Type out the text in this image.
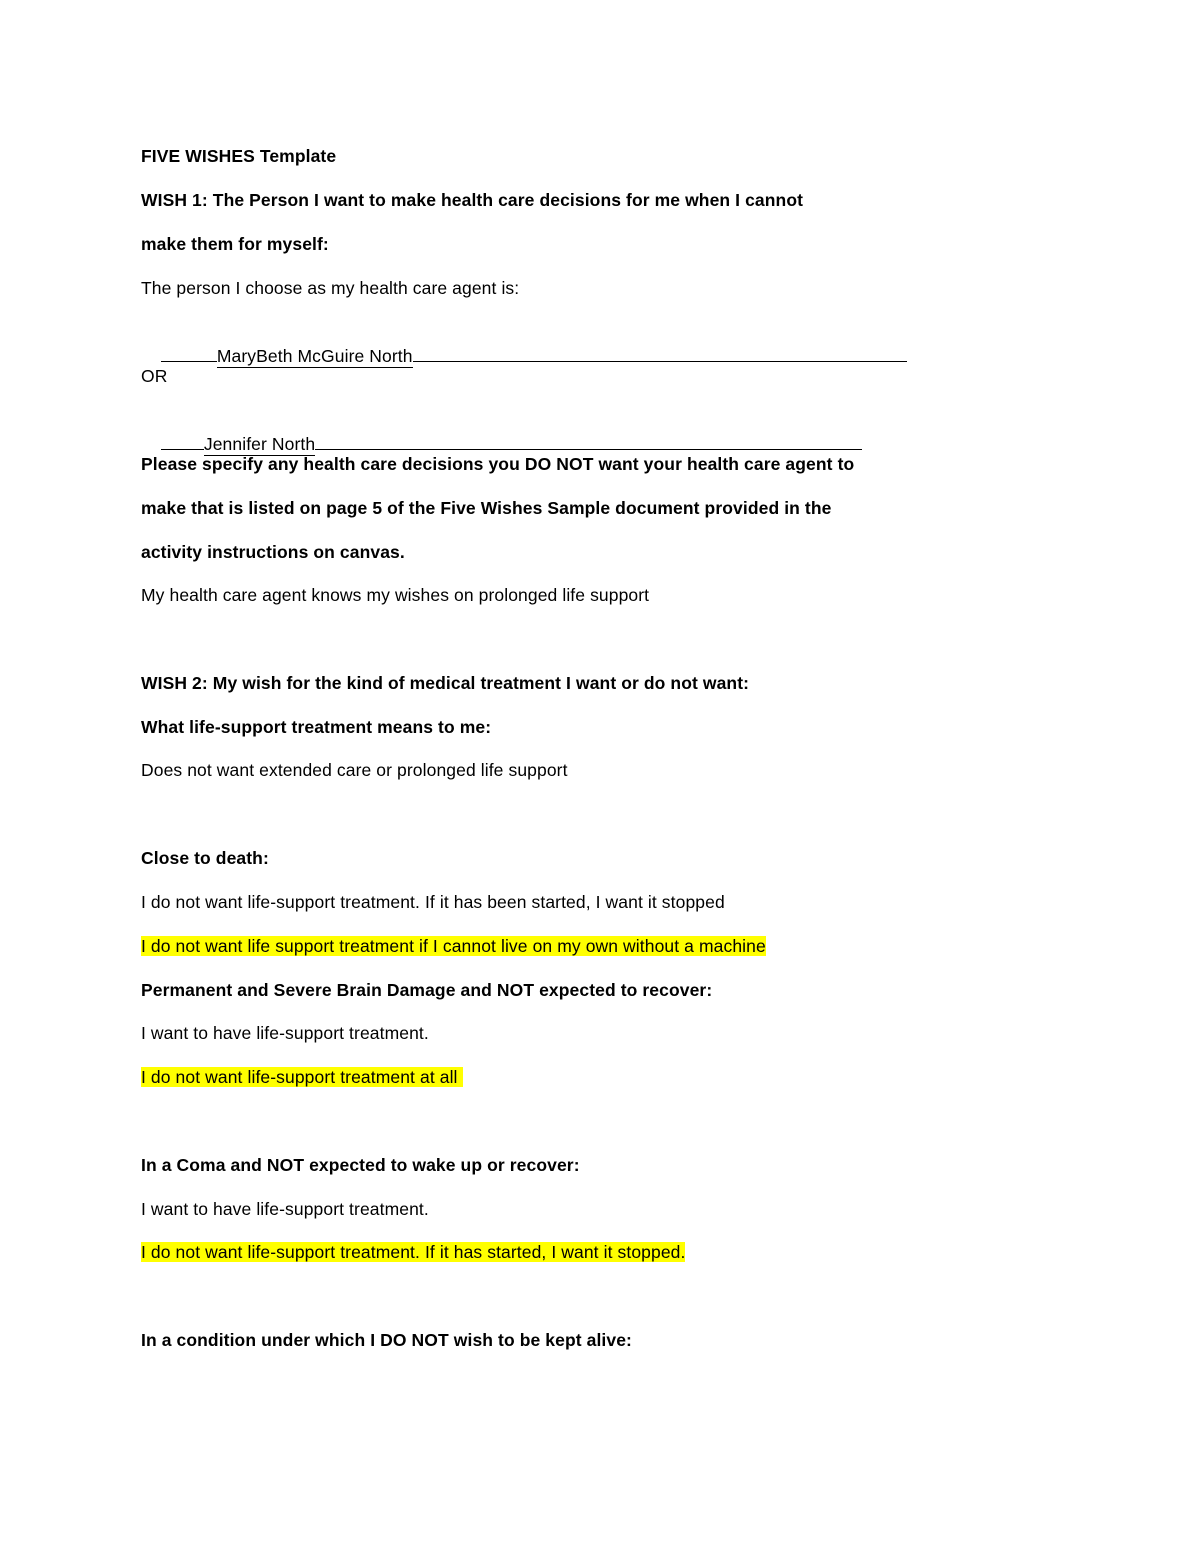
FIVE WISHES Template
WISH 1: The Person I want to make health care decisions for me when I cannot
make them for myself:
The person I choose as my health care agent is:

MaryBeth McGuire North

OR

Jennifer North

Please specify any health care decisions you DO NOT want your health care agent to
make that is listed on page 5 of the Five Wishes Sample document provided in the
activity instructions on canvas.
My health care agent knows my wishes on prolonged life support
WISH 2: My wish for the kind of medical treatment I want or do not want:
What life-support treatment means to me:
Does not want extended care or prolonged life support
Close to death:
I do not want life-support treatment. If it has been started, I want it stopped
I do not want life support treatment if I cannot live on my own without a machine
Permanent and Severe Brain Damage and NOT expected to recover:
I want to have life-support treatment.
I do not want life-support treatment at all
In a Coma and NOT expected to wake up or recover:
I want to have life-support treatment.
I do not want life-support treatment. If it has started, I want it stopped.
In a condition under which I DO NOT wish to be kept alive:
